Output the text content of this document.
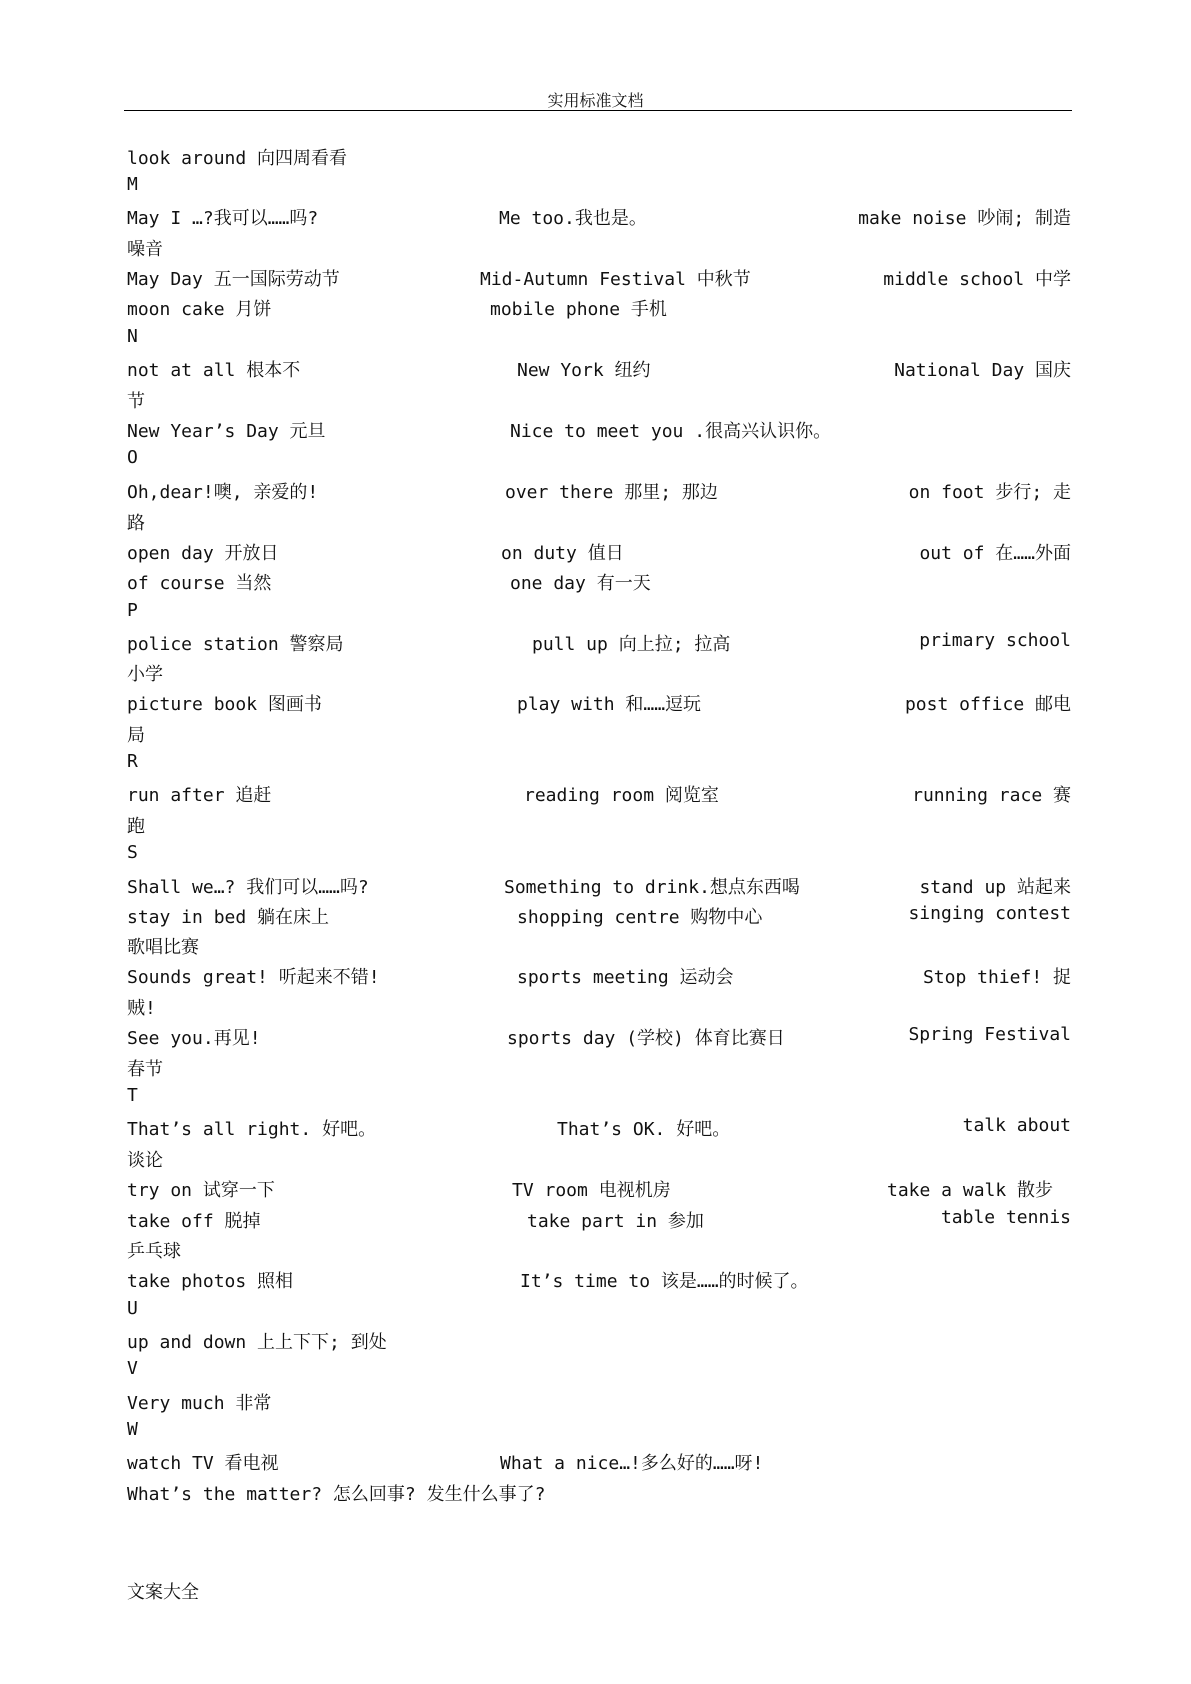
实用标准文档
look around 向四周看看
M
May I …?我可以……吗?	Me too.我也是。	make noise 吵闹; 制造
噪音
May Day 五一国际劳动节	Mid-Autumn Festival 中秋节	middle school 中学
moon cake 月饼	mobile phone 手机
N
not at all 根本不	New York 纽约	National Day 国庆
节
New Year’s Day 元旦	Nice to meet you .很高兴认识你。
O
Oh,dear!噢, 亲爱的!	over there 那里; 那边	on foot 步行; 走
路
open day 开放日	on duty 值日	out of 在……外面
of course 当然	one day 有一天
P
police station 警察局	pull up 向上拉; 拉高	primary school
小学
picture book 图画书	play with 和……逗玩	post office 邮电
局
R
run after 追赶	reading room 阅览室	running race 赛
跑
S
Shall we…? 我们可以……吗?	Something to drink.想点东西喝	stand up 站起来
stay in bed 躺在床上	shopping centre 购物中心	singing contest
歌唱比赛
Sounds great! 听起来不错!	sports meeting 运动会	Stop thief! 捉
贼!
See you.再见!	sports day (学校) 体育比赛日	Spring Festival
春节
T
That’s all right. 好吧。	That’s OK. 好吧。	talk about
谈论
try on 试穿一下	TV room 电视机房	take a walk 散步
take off 脱掉	take part in 参加	table tennis
乒乓球
take photos 照相	It’s time to 该是……的时候了。
U
up and down 上上下下; 到处
V
Very much 非常
W
watch TV 看电视	What a nice…!多么好的……呀!
What’s the matter? 怎么回事? 发生什么事了?
文案大全
